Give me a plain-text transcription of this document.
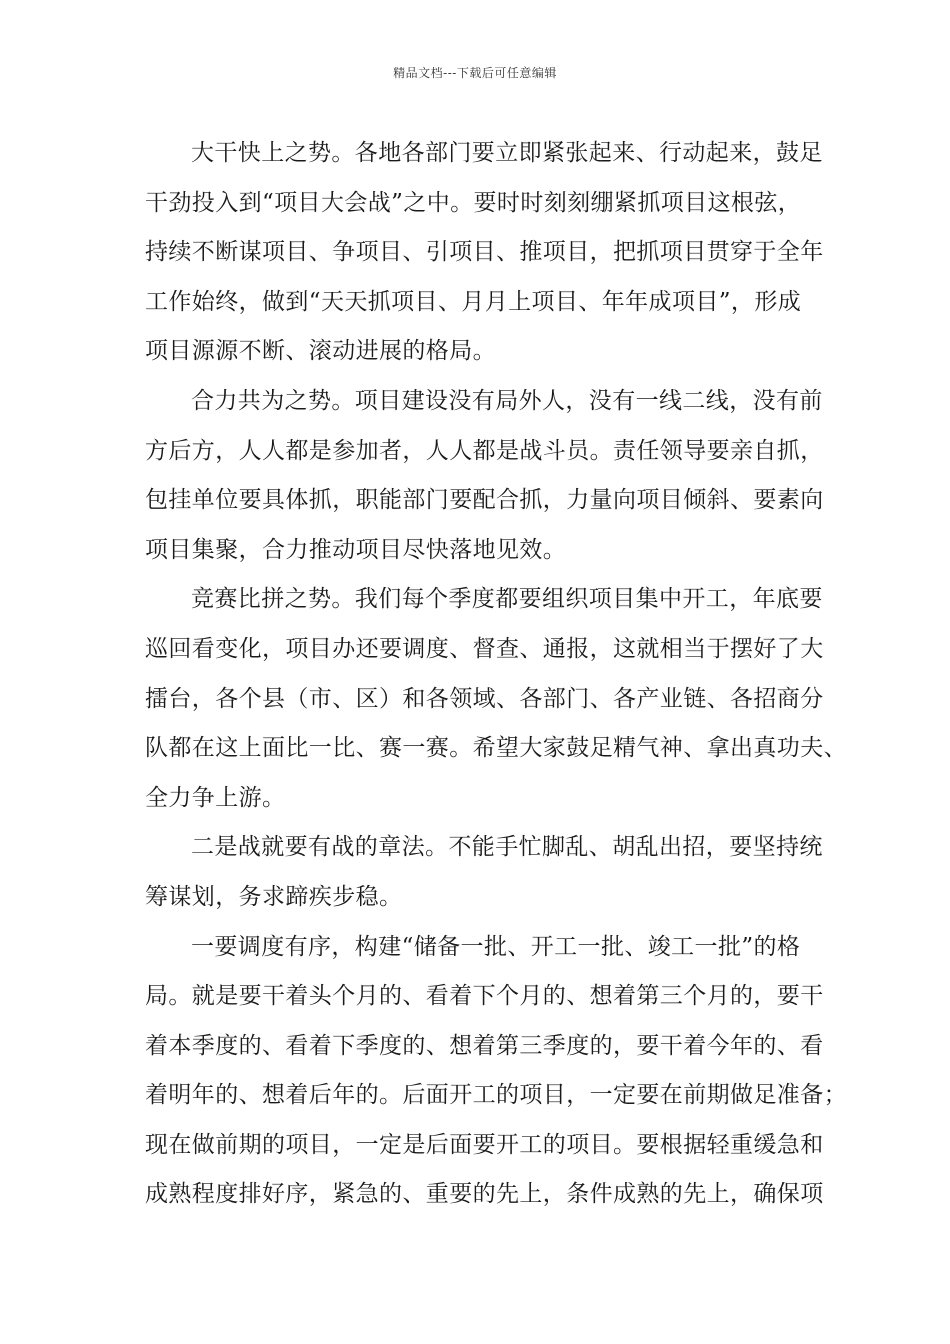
精品文档---下载后可任意编辑
大干快上之势。各地各部门要立即紧张起来、行动起来，鼓足
干劲投入到“项目大会战”之中。要时时刻刻绷紧抓项目这根弦，
持续不断谋项目、争项目、引项目、推项目，把抓项目贯穿于全年
工作始终，做到“天天抓项目、月月上项目、年年成项目”，形成
项目源源不断、滚动进展的格局。
合力共为之势。项目建设没有局外人，没有一线二线，没有前
方后方，人人都是参加者，人人都是战斗员。责任领导要亲自抓，
包挂单位要具体抓，职能部门要配合抓，力量向项目倾斜、要素向
项目集聚，合力推动项目尽快落地见效。
竞赛比拼之势。我们每个季度都要组织项目集中开工，年底要
巡回看变化，项目办还要调度、督查、通报，这就相当于摆好了大
擂台，各个县（市、区）和各领域、各部门、各产业链、各招商分
队都在这上面比一比、赛一赛。希望大家鼓足精气神、拿出真功夫、
全力争上游。
二是战就要有战的章法。不能手忙脚乱、胡乱出招，要坚持统
筹谋划，务求蹄疾步稳。
一要调度有序，构建“储备一批、开工一批、竣工一批”的格
局。就是要干着头个月的、看着下个月的、想着第三个月的，要干
着本季度的、看着下季度的、想着第三季度的，要干着今年的、看
着明年的、想着后年的。后面开工的项目，一定要在前期做足准备；
现在做前期的项目，一定是后面要开工的项目。要根据轻重缓急和
成熟程度排好序，紧急的、重要的先上，条件成熟的先上，确保项
